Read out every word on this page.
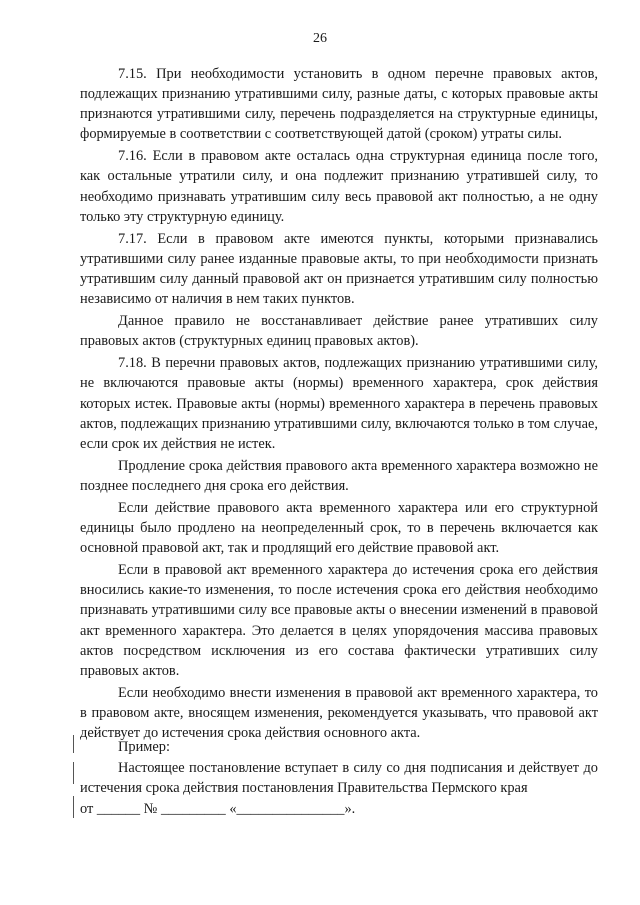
26

7.15. При необходимости установить в одном перечне правовых актов, подлежащих признанию утратившими силу, разные даты, с которых правовые акты признаются утратившими силу, перечень подразделяется на структурные единицы, формируемые в соответствии с соответствующей датой (сроком) утраты силы.

7.16. Если в правовом акте осталась одна структурная единица после того, как остальные утратили силу, и она подлежит признанию утратившей силу, то необходимо признавать утратившим силу весь правовой акт полностью, а не одну только эту структурную единицу.

7.17. Если в правовом акте имеются пункты, которыми признавались утратившими силу ранее изданные правовые акты, то при необходимости признать утратившим силу данный правовой акт он признается утратившим силу полностью независимо от наличия в нем таких пунктов.

Данное правило не восстанавливает действие ранее утративших силу правовых актов (структурных единиц правовых актов).

7.18. В перечни правовых актов, подлежащих признанию утратившими силу, не включаются правовые акты (нормы) временного характера, срок действия которых истек. Правовые акты (нормы) временного характера в перечень правовых актов, подлежащих признанию утратившими силу, включаются только в том случае, если срок их действия не истек.

Продление срока действия правового акта временного характера возможно не позднее последнего дня срока его действия.

Если действие правового акта временного характера или его структурной единицы было продлено на неопределенный срок, то в перечень включается как основной правовой акт, так и продлящий его действие правовой акт.

Если в правовой акт временного характера до истечения срока его действия вносились какие-то изменения, то после истечения срока его действия необходимо признавать утратившими силу все правовые акты о внесении изменений в правовой акт временного характера. Это делается в целях упорядочения массива правовых актов посредством исключения из его состава фактически утративших силу правовых актов.

Если необходимо внести изменения в правовой акт временного характера, то в правовом акте, вносящем изменения, рекомендуется указывать, что правовой акт действует до истечения срока действия основного акта.

Пример:

Настоящее постановление вступает в силу со дня подписания и действует до истечения срока действия постановления Правительства Пермского края

от ______ № _________ «_______________».
